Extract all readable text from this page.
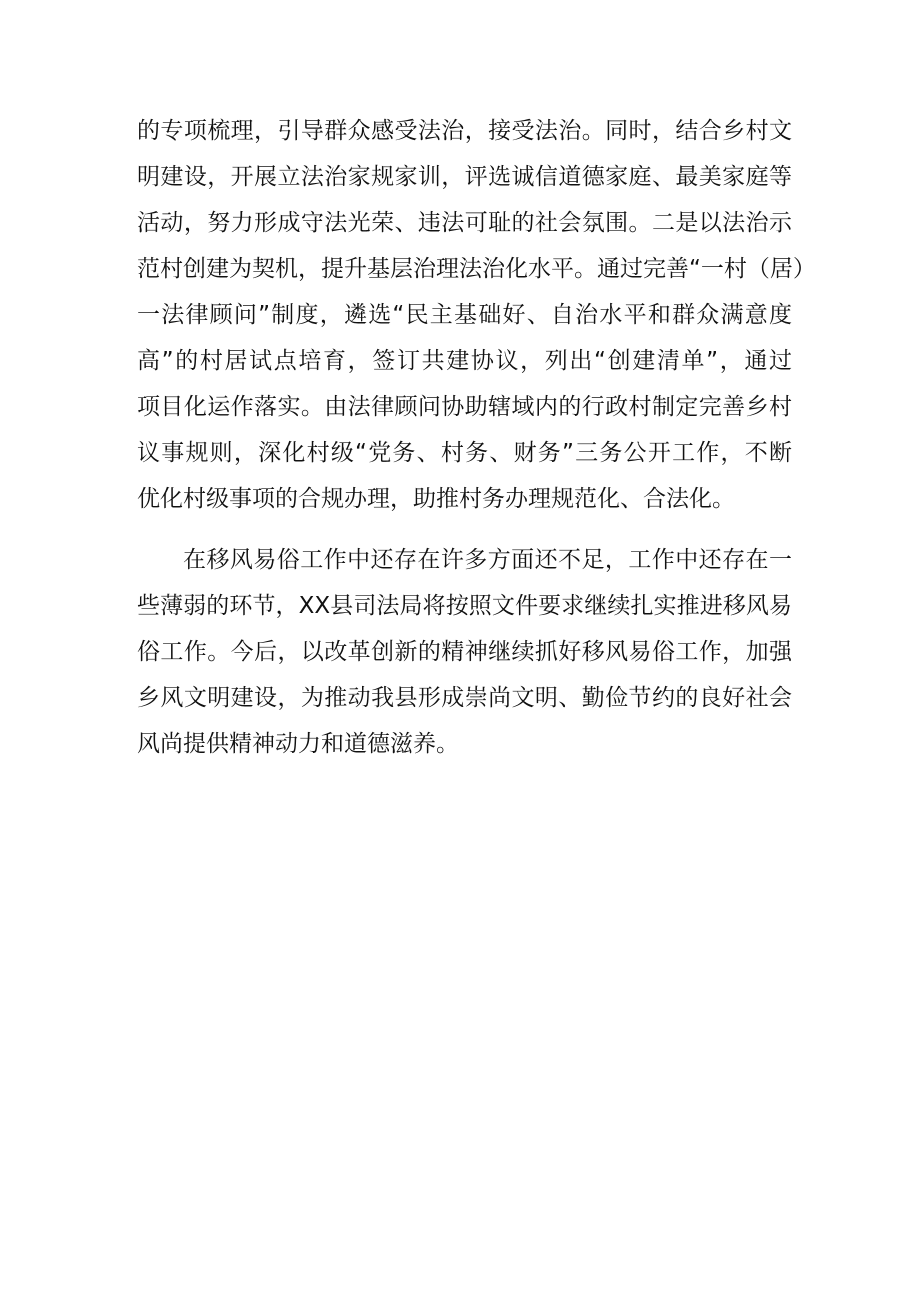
的专项梳理，引导群众感受法治，接受法治。同时，结合乡村文
明建设，开展立法治家规家训，评选诚信道德家庭、最美家庭等
活动，努力形成守法光荣、违法可耻的社会氛围。二是以法治示
范村创建为契机，提升基层治理法治化水平。通过完善“一村（居）
一法律顾问”制度，遴选“民主基础好、自治水平和群众满意度
高”的村居试点培育，签订共建协议，列出“创建清单”，通过
项目化运作落实。由法律顾问协助辖域内的行政村制定完善乡村
议事规则，深化村级“党务、村务、财务”三务公开工作，不断
优化村级事项的合规办理，助推村务办理规范化、合法化。

在移风易俗工作中还存在许多方面还不足，工作中还存在一
些薄弱的环节，XX县司法局将按照文件要求继续扎实推进移风易
俗工作。今后，以改革创新的精神继续抓好移风易俗工作，加强
乡风文明建设，为推动我县形成崇尚文明、勤俭节约的良好社会
风尚提供精神动力和道德滋养。
